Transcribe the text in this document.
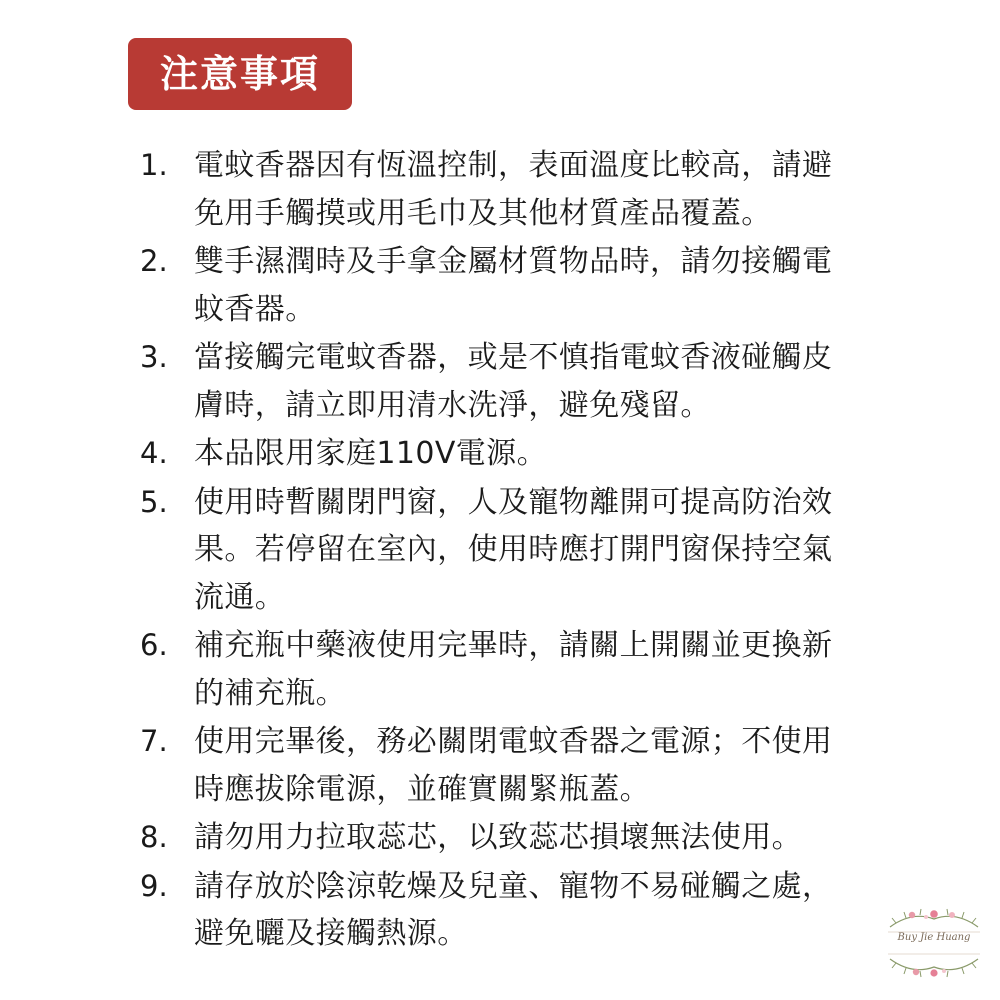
注意事項
1. 電蚊香器因有恆溫控制，表面溫度比較高，請避免用手觸摸或用毛巾及其他材質產品覆蓋。
2. 雙手濕潤時及手拿金屬材質物品時，請勿接觸電蚊香器。
3. 當接觸完電蚊香器，或是不慎指電蚊香液碰觸皮膚時，請立即用清水洗淨，避免殘留。
4. 本品限用家庭110V電源。
5. 使用時暫關閉門窗，人及寵物離開可提高防治效果。若停留在室內，使用時應打開門窗保持空氣流通。
6. 補充瓶中藥液使用完畢時，請關上開關並更換新的補充瓶。
7. 使用完畢後，務必關閉電蚊香器之電源；不使用時應拔除電源，並確實關緊瓶蓋。
8. 請勿用力拉取蕊芯，以致蕊芯損壞無法使用。
9. 請存放於陰涼乾燥及兒童、寵物不易碰觸之處，避免曬及接觸熱源。	Buy Jie Huang
